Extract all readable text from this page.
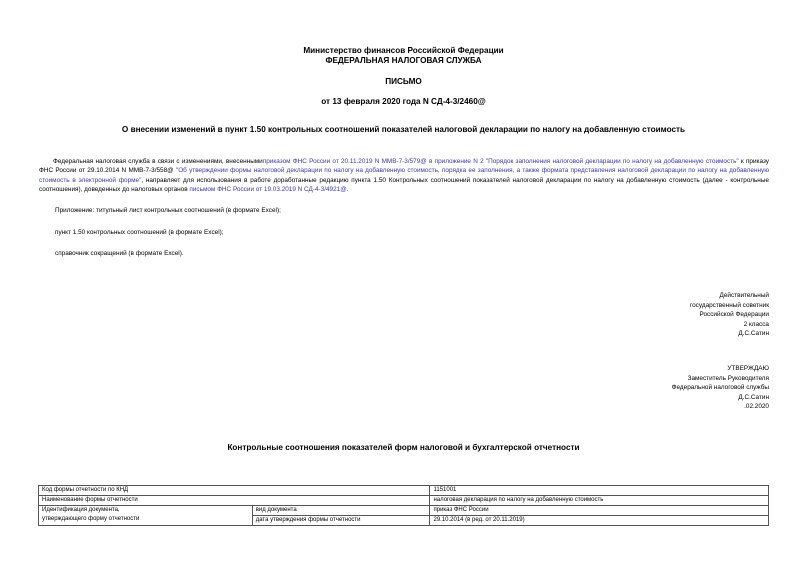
Министерство финансов Российской Федерации
ФЕДЕРАЛЬНАЯ НАЛОГОВАЯ СЛУЖБА
ПИСЬМО
от 13 февраля 2020 года N СД-4-3/2460@
О внесении изменений в пункт 1.50 контрольных соотношений показателей налоговой декларации по налогу на добавленную стоимость
Федеральная налоговая служба в связи с изменениями, внесеннымиприказом ФНС России от 20.11.2019 N ММВ-7-3/579@ в приложение N 2 "Порядок заполнения налоговой декларации по налогу на добавленную стоимость" к приказу ФНС России от 29.10.2014 N ММВ-7-3/558@ "Об утверждении формы налоговой декларации по налогу на добавленную стоимость, порядка ее заполнения, а также формата представления налоговой декларации по налогу на добавленную стоимость в электронной форме", направляет для использования в работе доработанные редакцию пункта 1.50 Контрольных соотношений показателей налоговой декларации по налогу на добавленную стоимость (далее - контрольные соотношения), доведенных до налоговых органов письмом ФНС России от 19.03.2019 N СД-4-3/4921@.
Приложение: титульный лист контрольных соотношений (в формате Excel);
пункт 1.50 контрольных соотношений (в формате Excel);
справочник сокращений (в формате Excel).
Действительный
государственный советник
Российской Федерации
2 класса
Д.С.Сатин
УТВЕРЖДАЮ
Заместитель Руководителя
Федеральной налоговой службы
Д.С.Сатин
.02.2020
Контрольные соотношения показателей форм налоговой и бухгалтерской отчетности
Код формы отчетности по КНД		1151001
Наименование формы отчетности		налоговая декларация по налогу на добавленную стоимость

Идентификация документа,
утверждающего форму отчетности	вид документа	приказ ФНС России
	дата утверждения формы отчетности	29.10.2014 (в ред. от 20.11.2019)
